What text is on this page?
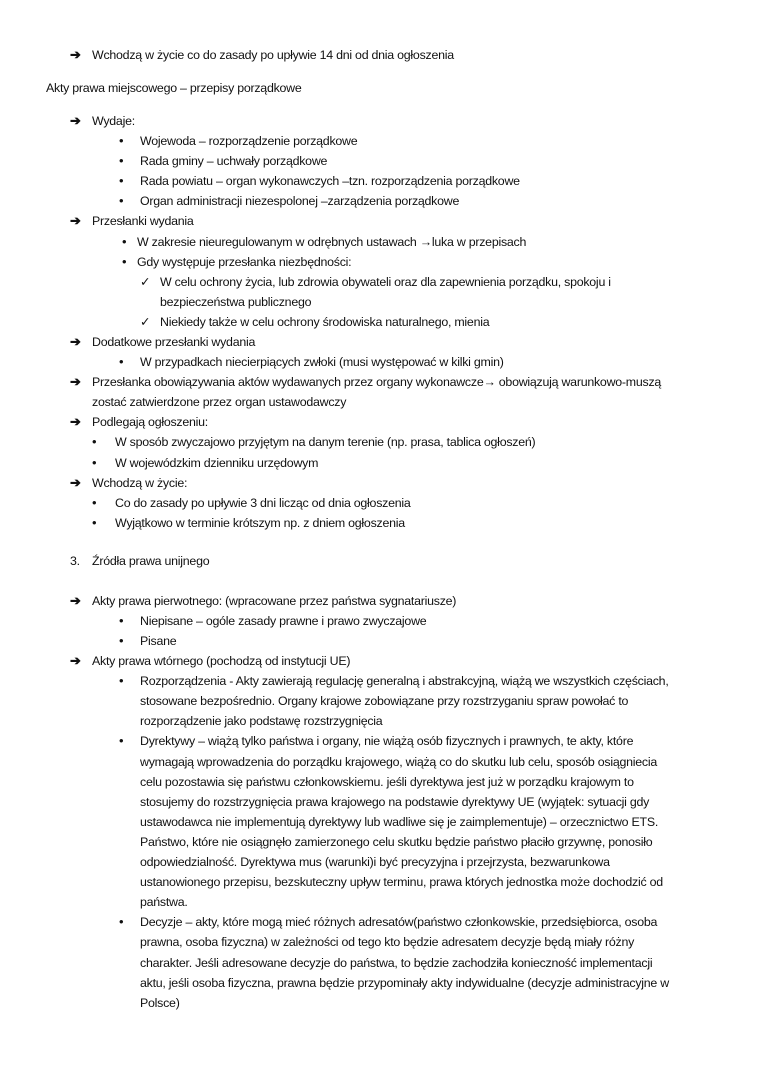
➔ Wchodzą w życie co do zasady po upływie 14 dni od dnia ogłoszenia
Akty prawa miejscowego – przepisy porządkowe
➔ Wydaje:
• Wojewoda – rozporządzenie porządkowe
• Rada gminy – uchwały porządkowe
• Rada powiatu – organ wykonawczych –tzn. rozporządzenia porządkowe
• Organ administracji niezespolonej –zarządzenia porządkowe
➔ Przesłanki wydania
• W zakresie nieuregulowanym w odrębnych ustawach →luka w przepisach
• Gdy występuje przesłanka niezbędności:
✓ W celu ochrony życia, lub zdrowia obywateli oraz dla zapewnienia porządku, spokoju i
bezpieczeństwa publicznego
✓ Niekiedy także w celu ochrony środowiska naturalnego, mienia
➔ Dodatkowe przesłanki wydania
• W przypadkach niecierpiących zwłoki (musi występować w kilki gmin)
➔ Przesłanka obowiązywania aktów wydawanych przez organy wykonawcze→ obowiązują warunkowo-muszą
zostać zatwierdzone przez organ ustawodawczy
➔ Podlegają ogłoszeniu:
• W sposób zwyczajowo przyjętym na danym terenie (np. prasa, tablica ogłoszeń)
• W wojewódzkim dzienniku urzędowym
➔ Wchodzą w życie:
• Co do zasady po upływie 3 dni licząc od dnia ogłoszenia
• Wyjątkowo w terminie krótszym np. z dniem ogłoszenia
3. Źródła prawa unijnego
➔ Akty prawa pierwotnego: (wpracowane przez państwa sygnatariusze)
• Niepisane – ogóle zasady prawne i prawo zwyczajowe
• Pisane
➔ Akty prawa wtórnego (pochodzą od instytucji UE)
• Rozporządzenia - Akty zawierają regulację generalną i abstrakcyjną, wiążą we wszystkich częściach,
stosowane bezpośrednio. Organy krajowe zobowiązane przy rozstrzyganiu spraw powołać to
rozporządzenie jako podstawę rozstrzygnięcia
• Dyrektywy – wiążą tylko państwa i organy, nie wiążą osób fizycznych i prawnych, te akty, które
wymagają wprowadzenia do porządku krajowego, wiążą co do skutku lub celu, sposób osiągniecia
celu pozostawia się państwu członkowskiemu. jeśli dyrektywa jest już w porządku krajowym to
stosujemy do rozstrzygnięcia prawa krajowego na podstawie dyrektywy UE (wyjątek: sytuacji gdy
ustawodawca nie implementują dyrektywy lub wadliwe się je zaimplementuje) – orzecznictwo ETS.
Państwo, które nie osiągnęło zamierzonego celu skutku będzie państwo płaciło grzywnę, ponosiło
odpowiedzialność. Dyrektywa mus (warunki)i być precyzyjna i przejrzysta, bezwarunkowa
ustanowionego przepisu, bezskuteczny upływ terminu, prawa których jednostka może dochodzić od
państwa.
• Decyzje – akty, które mogą mieć różnych adresatów(państwo członkowskie, przedsiębiorca, osoba
prawna, osoba fizyczna) w zależności od tego kto będzie adresatem decyzje będą miały różny
charakter. Jeśli adresowane decyzje do państwa, to będzie zachodziła konieczność implementacji
aktu, jeśli osoba fizyczna, prawna będzie przypominały akty indywidualne (decyzje administracyjne w
Polsce)
